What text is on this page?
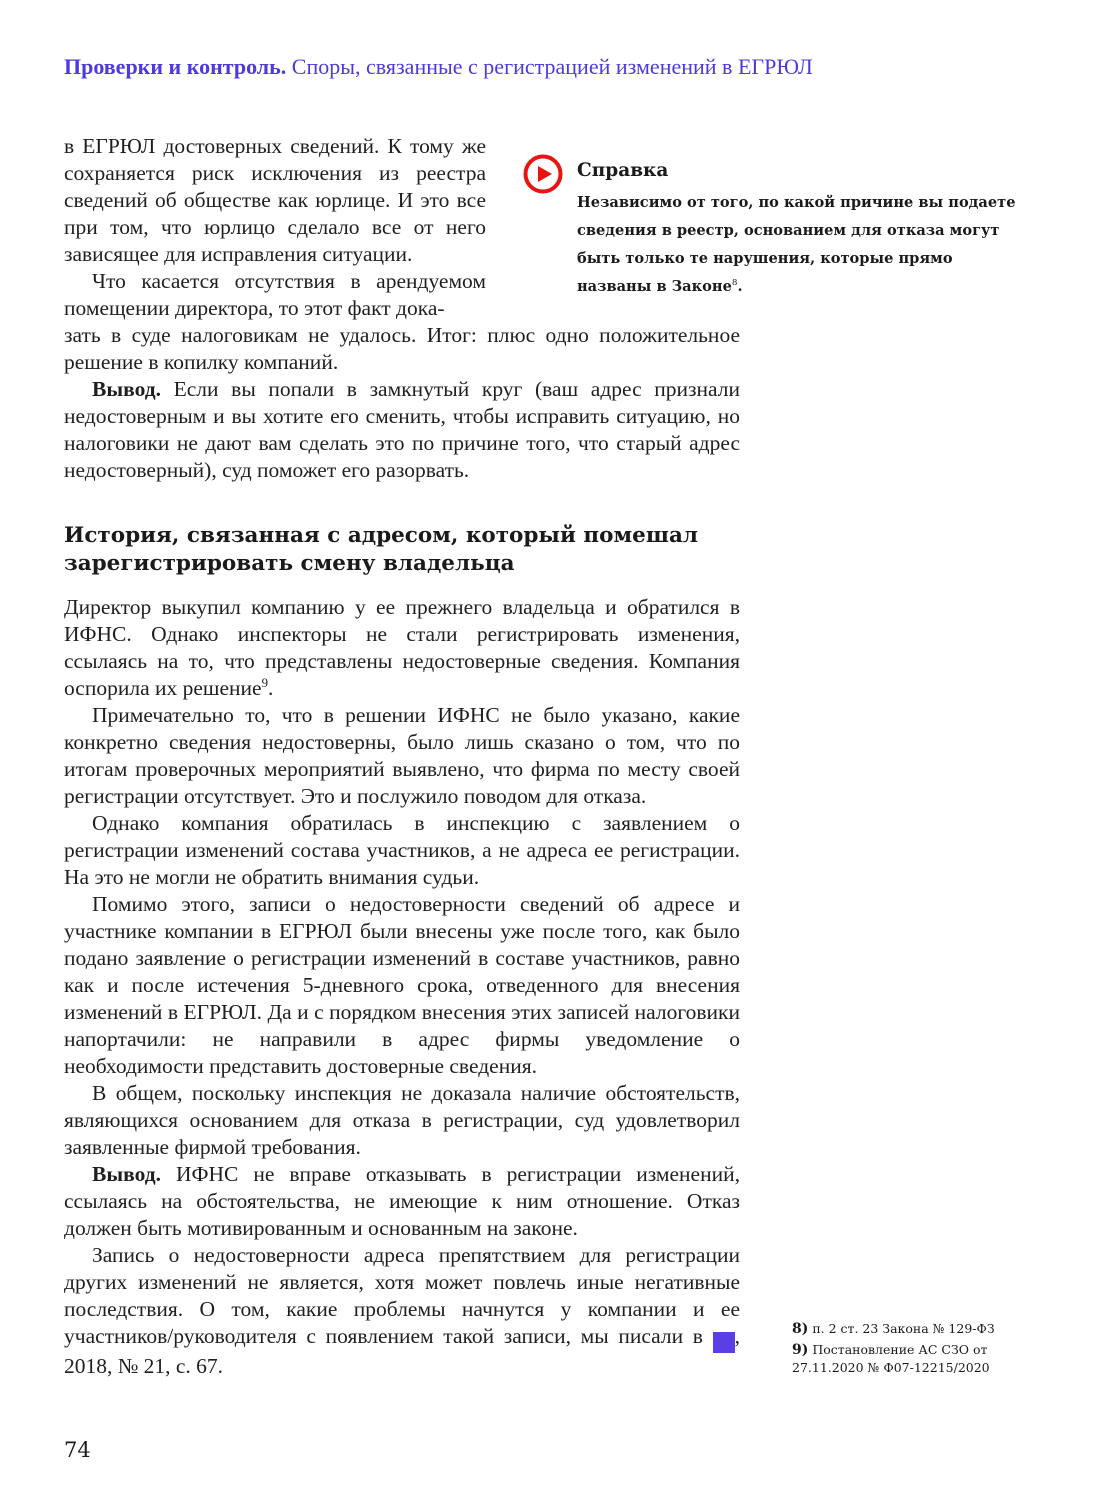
Проверки и контроль. Споры, связанные с регистрацией изменений в ЕГРЮЛ

в ЕГРЮЛ достоверных сведений. К тому же сохраняется риск исключения из реестра сведений об обществе как юрлице. И это все при том, что юрлицо сделало все от него зависящее для исправления ситуации.

Что касается отсутствия в арендуемом помещении директора, то этот факт дока-

Справка
Независимо от того, по какой причине вы подаете сведения в реестр, основанием для отказа могут быть только те нарушения, которые прямо названы в Законе$^8$.

зать в суде налоговикам не удалось. Итог: плюс одно положительное решение в копилку компаний.

Вывод. Если вы попали в замкнутый круг (ваш адрес признали недостоверным и вы хотите его сменить, чтобы исправить ситуацию, но налоговики не дают вам сделать это по причине того, что старый адрес недостоверный), суд поможет его разорвать.

История, связанная с адресом, который помешал зарегистрировать смену владельца

Директор выкупил компанию у ее прежнего владельца и обратился в ИФНС. Однако инспекторы не стали регистрировать изменения, ссылаясь на то, что представлены недостоверные сведения. Компания оспорила их решение$^9$.

Примечательно то, что в решении ИФНС не было указано, какие конкретно сведения недостоверны, было лишь сказано о том, что по итогам проверочных мероприятий выявлено, что фирма по месту своей регистрации отсутствует. Это и послужило поводом для отказа.

Однако компания обратилась в инспекцию с заявлением о регистрации изменений состава участников, а не адреса ее регистрации. На это не могли не обратить внимания судьи.

Помимо этого, записи о недостоверности сведений об адресе и участнике компании в ЕГРЮЛ были внесены уже после того, как было подано заявление о регистрации изменений в составе участников, равно как и после истечения 5-дневного срока, отведенного для внесения изменений в ЕГРЮЛ. Да и с порядком внесения этих записей налоговики напортачили: не направили в адрес фирмы уведомление о необходимости представить достоверные сведения.

В общем, поскольку инспекция не доказала наличие обстоятельств, являющихся основанием для отказа в регистрации, суд удовлетворил заявленные фирмой требования.

Вывод. ИФНС не вправе отказывать в регистрации изменений, ссылаясь на обстоятельства, не имеющие к ним отношение. Отказ должен быть мотивированным и основанным на законе.

Запись о недостоверности адреса препятствием для регистрации других изменений не является, хотя может повлечь иные негативные последствия. О том, какие проблемы начнутся у компании и ее участников/руководителя с появлением такой записи, мы писали в Гк, 2018, № 21, с. 67.

8) п. 2 ст. 23 Закона № 129-ФЗ

9) Постановление АС СЗО от 27.11.2020 № Ф07-12215/2020

74
